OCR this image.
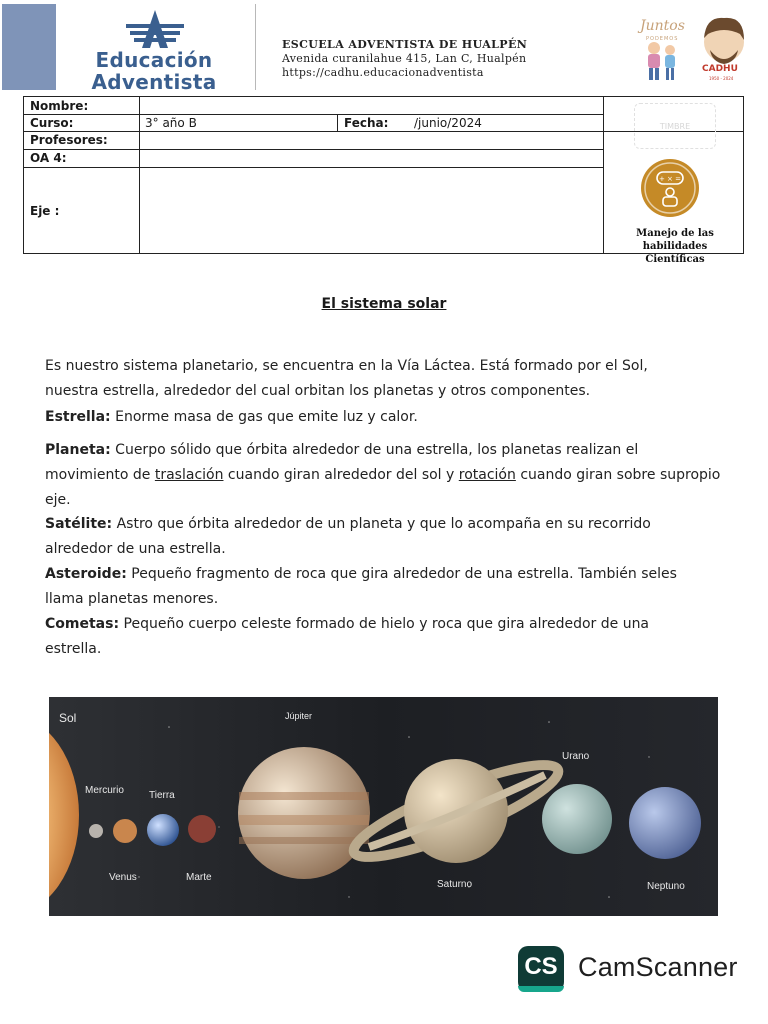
Educación
Adventista
ESCUELA ADVENTISTA DE HUALPÉN
Avenida curanilahue 415, Lan C, Hualpén
https://cadhu.educacionadventista
Juntos
PODEMOS
CADHU
1950 - 2024
Nombre:
Curso:	3° año B	Fecha: /junio/2024
Profesores:
OA 4:
Eje :
TIMBRE
+ × =
Manejo de las habilidades
Científicas
El sistema solar
Es nuestro sistema planetario, se encuentra en la Vía Láctea. Está formado por el Sol,
nuestra estrella, alrededor del cual orbitan los planetas y otros componentes.
Estrella: Enorme masa de gas que emite luz y calor.
Planeta: Cuerpo sólido que órbita alrededor de una estrella, los planetas realizan el
movimiento de traslación cuando giran alrededor del sol y rotación cuando giran sobre supropio
eje.
Satélite: Astro que órbita alrededor de un planeta y que lo acompaña en su recorrido
alrededor de una estrella.
Asteroide: Pequeño fragmento de roca que gira alrededor de una estrella. También seles
llama planetas menores.
Cometas: Pequeño cuerpo celeste formado de hielo y roca que gira alrededor de una
estrella.
Sol
Mercurio
Venus
Tierra
Marte
Júpiter
Saturno
Urano
Neptuno
CS CamScanner
